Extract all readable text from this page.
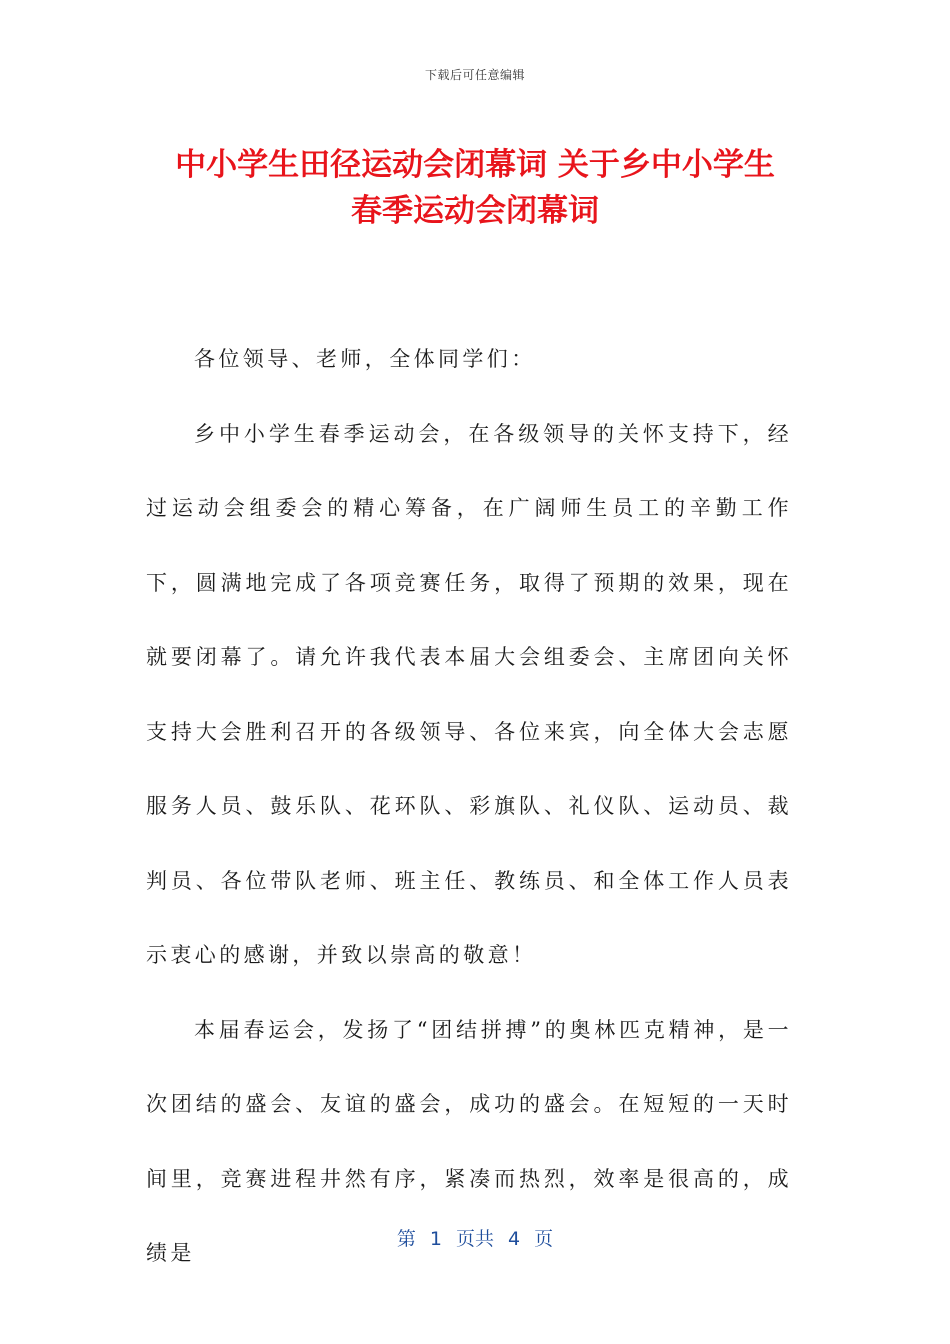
下载后可任意编辑
中小学生田径运动会闭幕词 关于乡中小学生
春季运动会闭幕词

各位领导、老师，全体同学们：

乡中小学生春季运动会，在各级领导的关怀支持下，经过运动会组委会的精心筹备，在广阔师生员工的辛勤工作下，圆满地完成了各项竞赛任务，取得了预期的效果，现在就要闭幕了。请允许我代表本届大会组委会、主席团向关怀支持大会胜利召开的各级领导、各位来宾，向全体大会志愿服务人员、鼓乐队、花环队、彩旗队、礼仪队、运动员、裁判员、各位带队老师、班主任、教练员、和全体工作人员表示衷心的感谢，并致以崇高的敬意！

本届春运会，发扬了“团结拼搏”的奥林匹克精神，是一次团结的盛会、友谊的盛会，成功的盛会。在短短的一天时间里，竞赛进程井然有序，紧凑而热烈，效率是很高的，成绩是

第 1 页共 4 页
